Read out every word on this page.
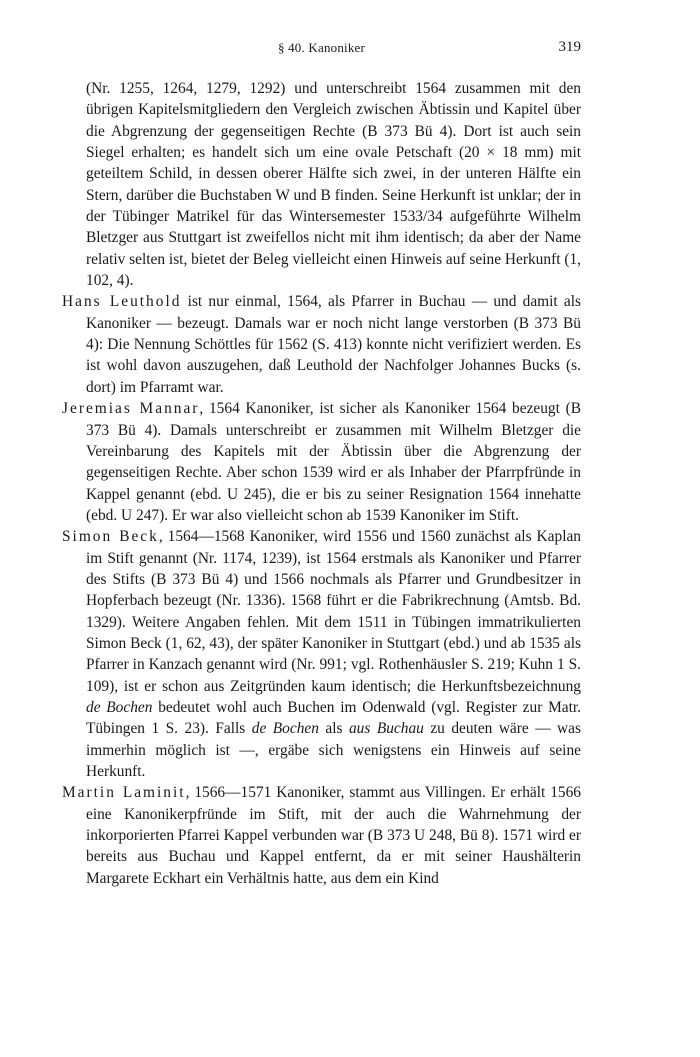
§ 40. Kanoniker	319

(Nr. 1255, 1264, 1279, 1292) und unterschreibt 1564 zusammen mit den übrigen Kapitelsmitgliedern den Vergleich zwischen Äbtissin und Kapitel über die Abgrenzung der gegenseitigen Rechte (B 373 Bü 4). Dort ist auch sein Siegel erhalten; es handelt sich um eine ovale Petschaft (20 × 18 mm) mit geteiltem Schild, in dessen oberer Hälfte sich zwei, in der unteren Hälfte ein Stern, darüber die Buchstaben W und B finden. Seine Herkunft ist unklar; der in der Tübinger Matrikel für das Wintersemester 1533/34 aufgeführte Wilhelm Bletzger aus Stuttgart ist zweifellos nicht mit ihm identisch; da aber der Name relativ selten ist, bietet der Beleg vielleicht einen Hinweis auf seine Herkunft (1, 102, 4).

Hans Leuthold ist nur einmal, 1564, als Pfarrer in Buchau — und damit als Kanoniker — bezeugt. Damals war er noch nicht lange verstorben (B 373 Bü 4): Die Nennung Schöttles für 1562 (S. 413) konnte nicht verifiziert werden. Es ist wohl davon auszugehen, daß Leuthold der Nachfolger Johannes Bucks (s. dort) im Pfarramt war.

Jeremias Mannar, 1564 Kanoniker, ist sicher als Kanoniker 1564 bezeugt (B 373 Bü 4). Damals unterschreibt er zusammen mit Wilhelm Bletzger die Vereinbarung des Kapitels mit der Äbtissin über die Abgrenzung der gegenseitigen Rechte. Aber schon 1539 wird er als Inhaber der Pfarrpfründe in Kappel genannt (ebd. U 245), die er bis zu seiner Resignation 1564 innehatte (ebd. U 247). Er war also vielleicht schon ab 1539 Kanoniker im Stift.

Simon Beck, 1564—1568 Kanoniker, wird 1556 und 1560 zunächst als Kaplan im Stift genannt (Nr. 1174, 1239), ist 1564 erstmals als Kanoniker und Pfarrer des Stifts (B 373 Bü 4) und 1566 nochmals als Pfarrer und Grundbesitzer in Hopferbach bezeugt (Nr. 1336). 1568 führt er die Fabrikrechnung (Amtsb. Bd. 1329). Weitere Angaben fehlen. Mit dem 1511 in Tübingen immatrikulierten Simon Beck (1, 62, 43), der später Kanoniker in Stuttgart (ebd.) und ab 1535 als Pfarrer in Kanzach genannt wird (Nr. 991; vgl. Rothenhäusler S. 219; Kuhn 1 S. 109), ist er schon aus Zeitgründen kaum identisch; die Herkunftsbezeichnung de Bochen bedeutet wohl auch Buchen im Odenwald (vgl. Register zur Matr. Tübingen 1 S. 23). Falls de Bochen als aus Buchau zu deuten wäre — was immerhin möglich ist —, ergäbe sich wenigstens ein Hinweis auf seine Herkunft.

Martin Laminit, 1566—1571 Kanoniker, stammt aus Villingen. Er erhält 1566 eine Kanonikerpfründe im Stift, mit der auch die Wahrnehmung der inkorporierten Pfarrei Kappel verbunden war (B 373 U 248, Bü 8). 1571 wird er bereits aus Buchau und Kappel entfernt, da er mit seiner Haushälterin Margarete Eckhart ein Verhältnis hatte, aus dem ein Kind
